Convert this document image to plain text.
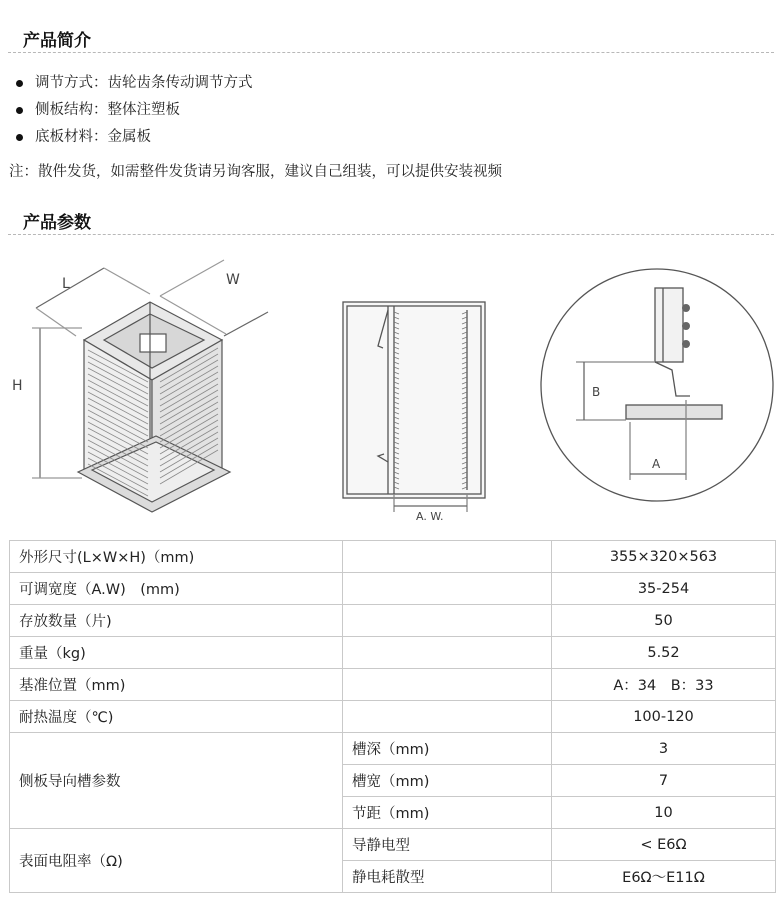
产品简介
调节方式：齿轮齿条传动调节方式
侧板结构：整体注塑板
底板材料：金属板
注：散件发货，如需整件发货请另询客服，建议自己组装，可以提供安装视频
产品参数
L	W
H
A. W.
B
A
外形尺寸(L×W×H)（mm)		355×320×563
可调宽度（A.W)　(mm)		35-254
存放数量（片)		50
重量（kg)		5.52
基准位置（mm)		A：34　B：33
耐热温度（℃)		100-120
侧板导向槽参数	槽深（mm)	3
	槽宽（mm)	7
	节距（mm)	10
表面电阻率（Ω)	导静电型	< E6Ω
	静电耗散型	E6Ω～E11Ω
